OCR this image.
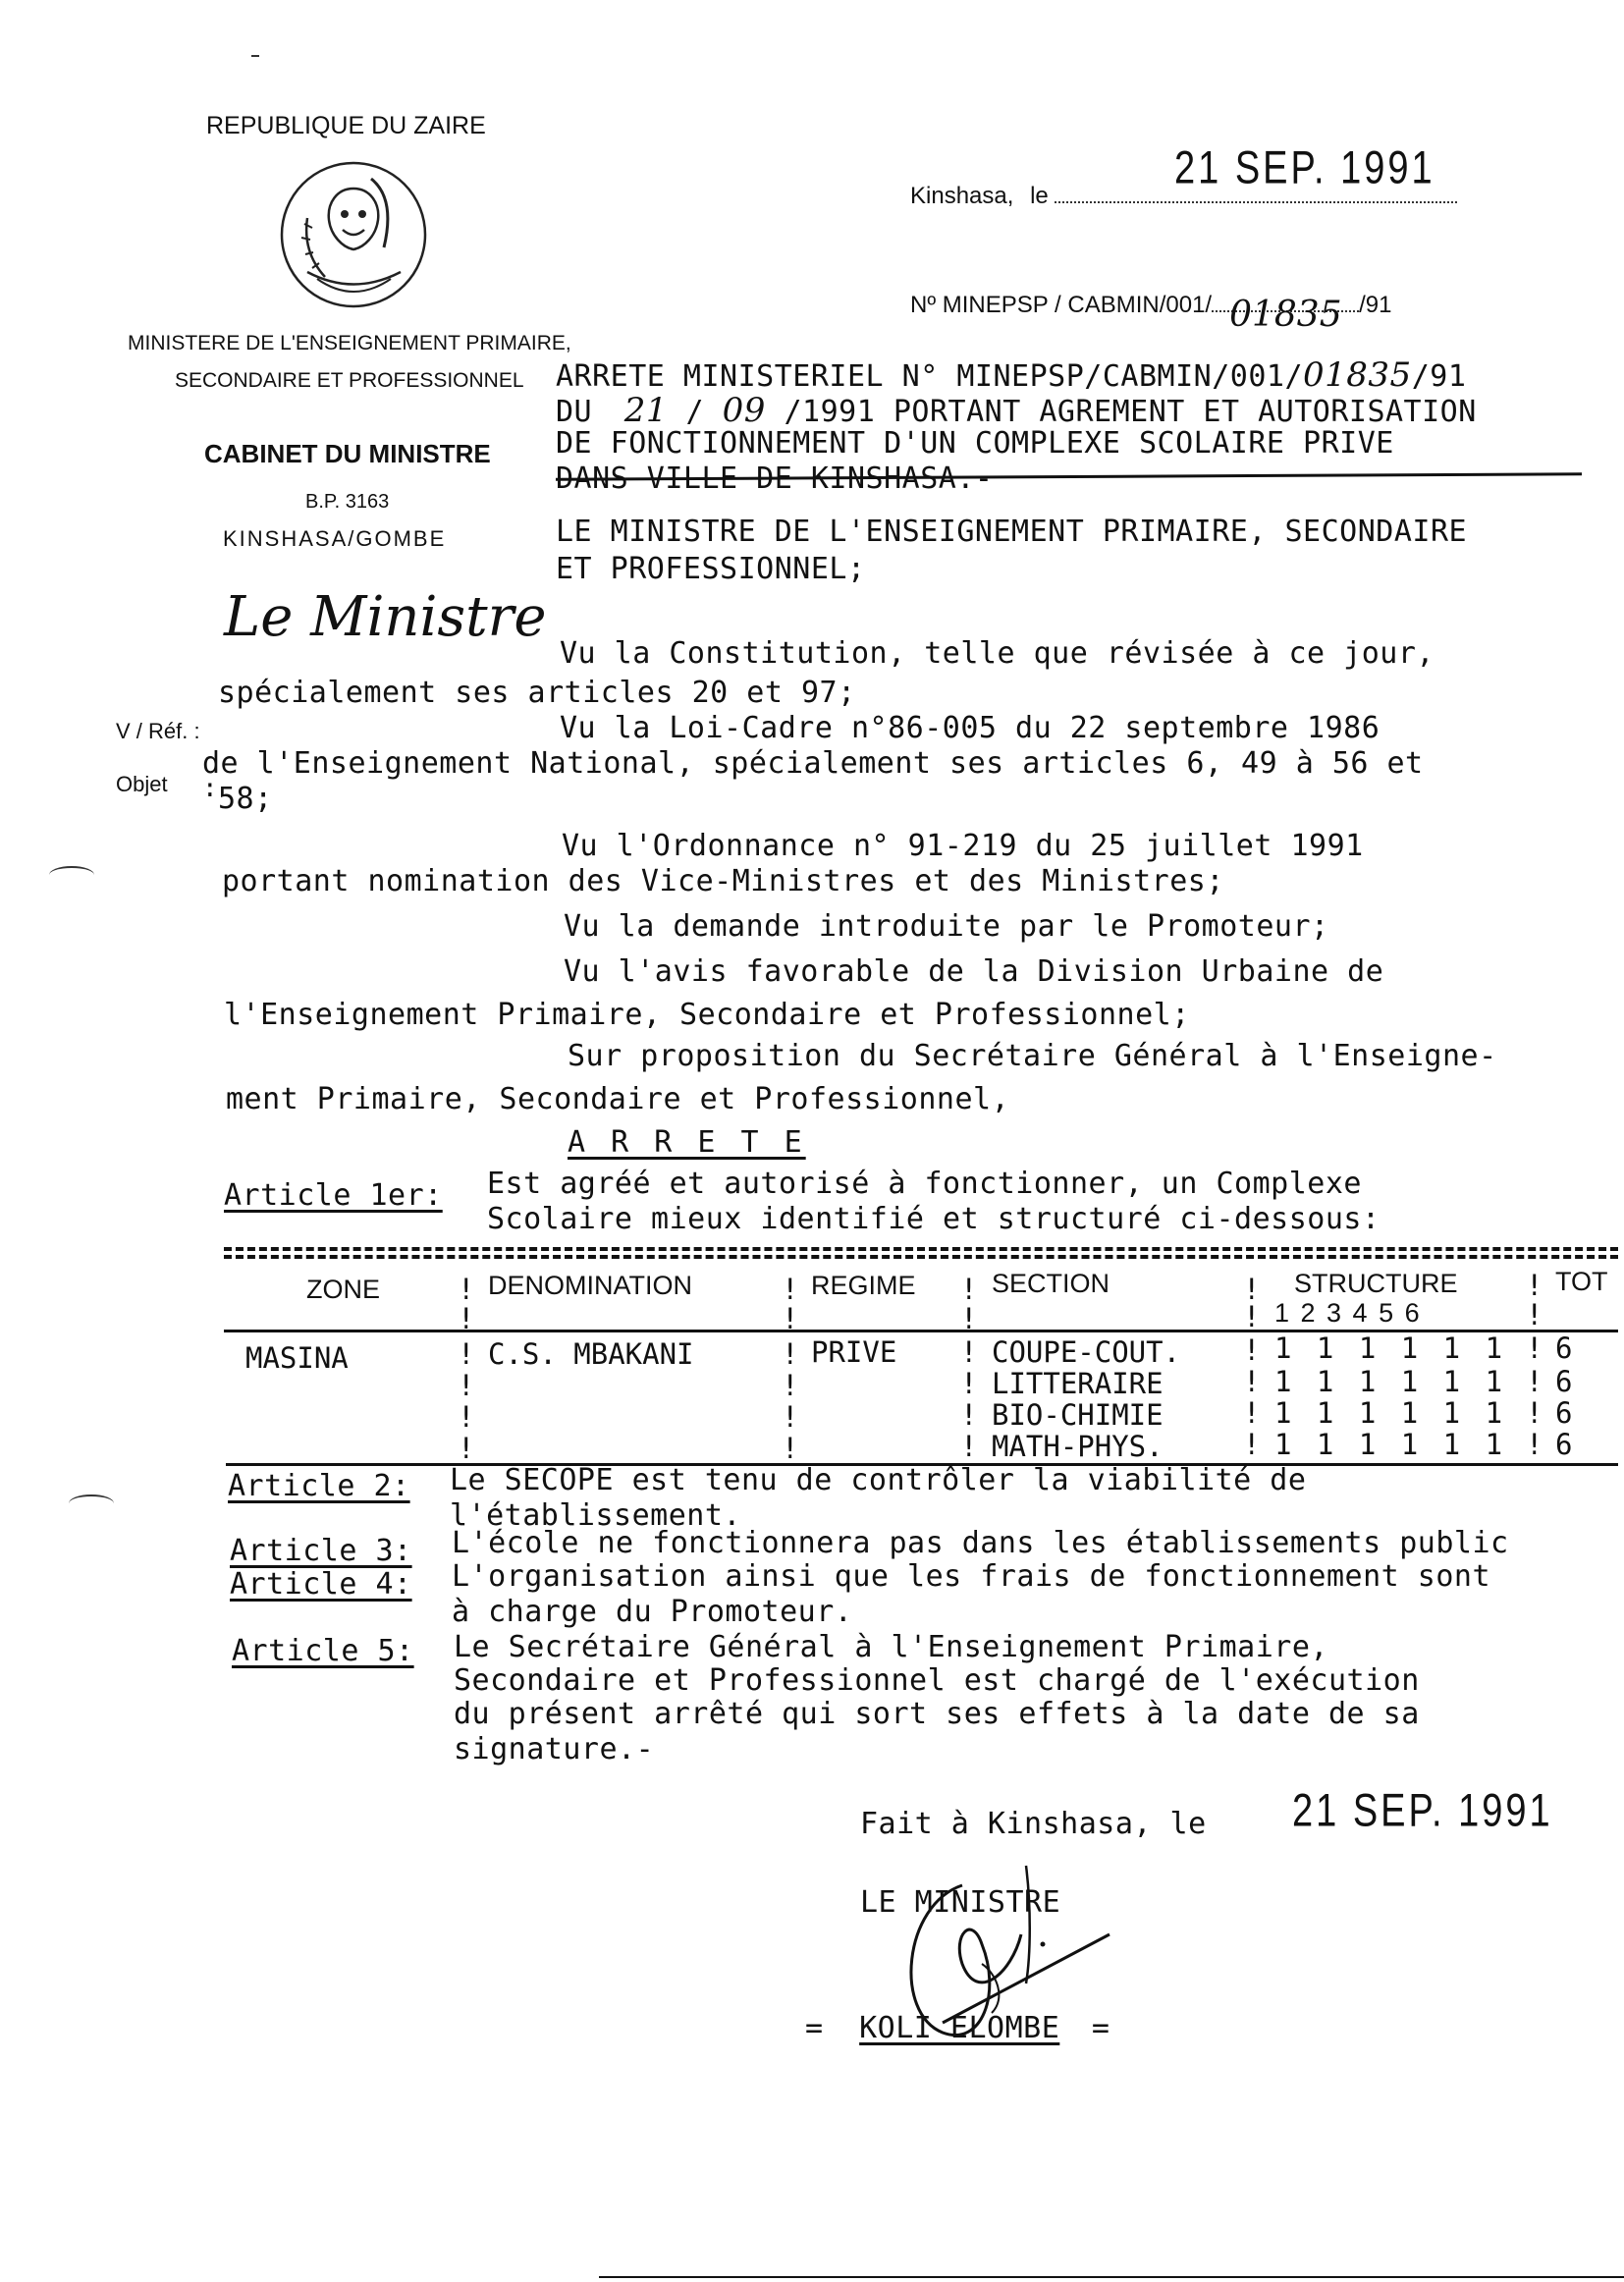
REPUBLIQUE DU ZAIRE
MINISTERE DE L'ENSEIGNEMENT PRIMAIRE,
SECONDAIRE ET PROFESSIONNEL
CABINET DU MINISTRE
B.P. 3163
KINSHASA/GOMBE
Le Ministre
V / Réf. :
Objet
Kinshasa, le
21 SEP. 1991
Nº MINEPSP / CABMIN/001/ 01835 /91
ARRETE MINISTERIEL N° MINEPSP/CABMIN/001/01835/91
DU 21 / 09 /1991 PORTANT AGREMENT ET AUTORISATION
DE FONCTIONNEMENT D'UN COMPLEXE SCOLAIRE PRIVE
DANS VILLE DE KINSHASA.-
LE MINISTRE DE L'ENSEIGNEMENT PRIMAIRE, SECONDAIRE
ET PROFESSIONNEL;
Vu la Constitution, telle que révisée à ce jour,
spécialement ses articles 20 et 97;
Vu la Loi-Cadre n°86-005 du 22 septembre 1986
de l'Enseignement National, spécialement ses articles 6, 49 à 56 et
58;
:
Vu l'Ordonnance n° 91-219 du 25 juillet 1991
portant nomination des Vice-Ministres et des Ministres;
Vu la demande introduite par le Promoteur;
Vu l'avis favorable de la Division Urbaine de
l'Enseignement Primaire, Secondaire et Professionnel;
Sur proposition du Secrétaire Général à l'Enseigne-
ment Primaire, Secondaire et Professionnel,
A R R E T E
Article 1er: Est agréé et autorisé à fonctionner, un Complexe
Scolaire mieux identifié et structuré ci-dessous:
ZONE	! DENOMINATION	! REGIME ! SECTION	! STRUCTURE ! TOT
!	!	!	! 1 2 3 4 5 6	!
MASINA	! C.S. MBAKANI	! PRIVE ! COUPE-COUT. ! 1 1 1 1 1 1 ! 6
!	!	! LITTERAIRE	! 1 1 1 1 1 1 ! 6
!	!	! BIO-CHIMIE	! 1 1 1 1 1 1 ! 6
!	!	! MATH-PHYS.	! 1 1 1 1 1 1 ! 6
Article 2: Le SECOPE est tenu de contrôler la viabilité de
l'établissement.
Article 3: L'école ne fonctionnera pas dans les établissements public
Article 4: L'organisation ainsi que les frais de fonctionnement sont
à charge du Promoteur.
Article 5: Le Secrétaire Général à l'Enseignement Primaire,
Secondaire et Professionnel est chargé de l'exécution
du présent arrêté qui sort ses effets à la date de sa
signature.-
Fait à Kinshasa, le 21 SEP. 1991
LE MINISTRE
= KOLI ELOMBE =
